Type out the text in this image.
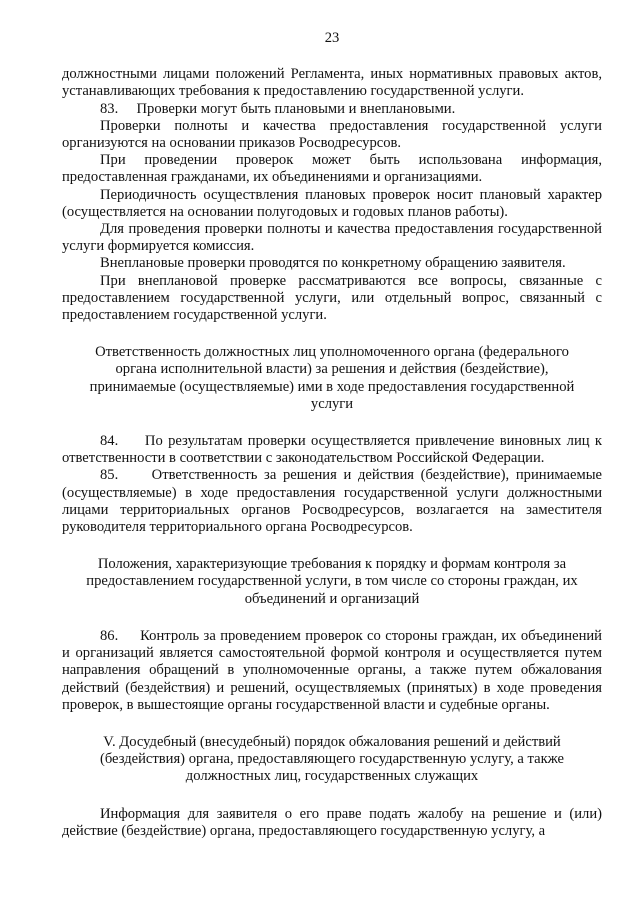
23

должностными лицами положений Регламента, иных нормативных правовых актов, устанавливающих требования к предоставлению государственной услуги.

83.     Проверки могут быть плановыми и внеплановыми.

Проверки полноты и качества предоставления государственной услуги организуются на основании приказов Росводресурсов.

При проведении проверок может быть использована информация, предоставленная гражданами, их объединениями и организациями.

Периодичность осуществления плановых проверок носит плановый характер (осуществляется на основании полугодовых и годовых планов работы).

Для проведения проверки полноты и качества предоставления государственной услуги формируется комиссия.

Внеплановые проверки проводятся по конкретному обращению заявителя.

При внеплановой проверке рассматриваются все вопросы, связанные с предоставлением государственной услуги, или отдельный вопрос, связанный с предоставлением государственной услуги.

Ответственность должностных лиц уполномоченного органа (федерального
органа исполнительной власти) за решения и действия (бездействие),
принимаемые (осуществляемые) ими в ходе предоставления государственной
услуги

84.     По результатам проверки осуществляется привлечение виновных лиц к ответственности в соответствии с законодательством Российской Федерации.

85.     Ответственность за решения и действия (бездействие), принимаемые (осуществляемые) в ходе предоставления государственной услуги должностными лицами территориальных органов Росводресурсов, возлагается на заместителя руководителя территориального органа Росводресурсов.

Положения, характеризующие требования к порядку и формам контроля за
предоставлением государственной услуги, в том числе со стороны граждан, их
объединений и организаций

86.     Контроль за проведением проверок со стороны граждан, их объединений и организаций является самостоятельной формой контроля и осуществляется путем направления обращений в уполномоченные органы, а также путем обжалования действий (бездействия) и решений, осуществляемых (принятых) в ходе проведения проверок, в вышестоящие органы государственной власти и судебные органы.

V. Досудебный (внесудебный) порядок обжалования решений и действий
(бездействия) органа, предоставляющего государственную услугу, а также
должностных лиц, государственных служащих

Информация для заявителя о его праве подать жалобу на решение и (или) действие (бездействие) органа, предоставляющего государственную услугу, а
